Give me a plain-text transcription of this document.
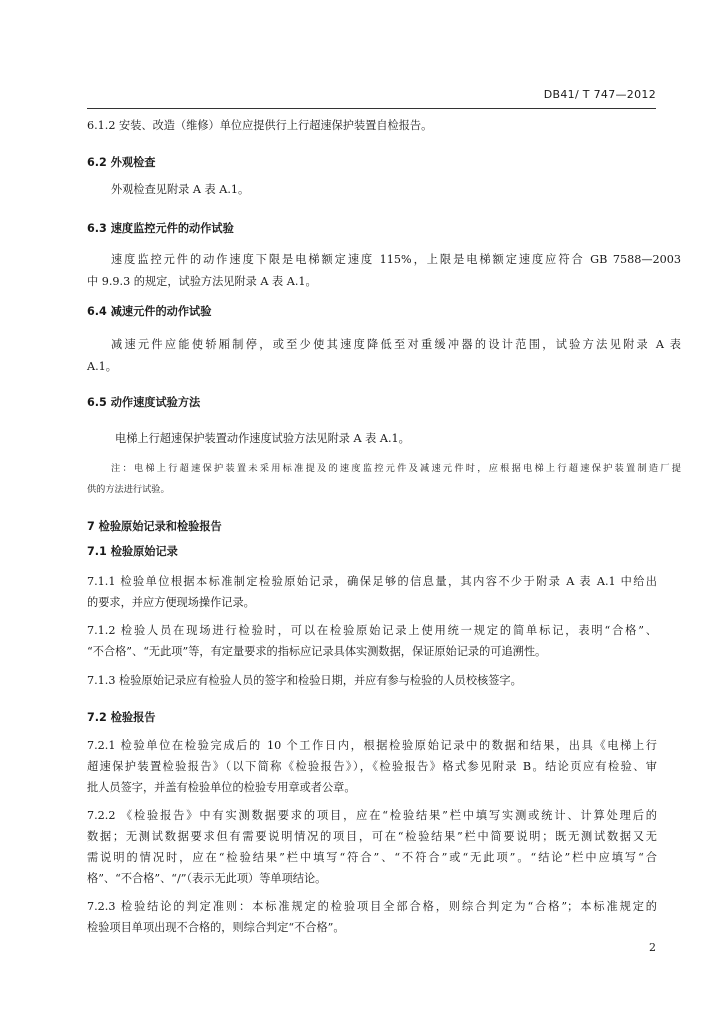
DB41/ T 747—2012
6.1.2 安装、改造（维修）单位应提供行上行超速保护装置自检报告。
6.2 外观检查
外观检查见附录 A 表 A.1。
6.3 速度监控元件的动作试验
速度监控元件的动作速度下限是电梯额定速度 115%，上限是电梯额定速度应符合 GB 7588—2003
中 9.9.3 的规定，试验方法见附录 A 表 A.1。
6.4 减速元件的动作试验
减速元件应能使轿厢制停，或至少使其速度降低至对重缓冲器的设计范围，试验方法见附录 A 表
A.1。
6.5 动作速度试验方法
电梯上行超速保护装置动作速度试验方法见附录 A 表 A.1。
注：电梯上行超速保护装置未采用标准提及的速度监控元件及减速元件时，应根据电梯上行超速保护装置制造厂提
供的方法进行试验。
7 检验原始记录和检验报告
7.1 检验原始记录
7.1.1 检验单位根据本标准制定检验原始记录，确保足够的信息量，其内容不少于附录 A 表 A.1 中给出
的要求，并应方便现场操作记录。
7.1.2 检验人员在现场进行检验时，可以在检验原始记录上使用统一规定的简单标记，表明“合格”、
“不合格”、“无此项”等，有定量要求的指标应记录具体实测数据，保证原始记录的可追溯性。
7.1.3 检验原始记录应有检验人员的签字和检验日期，并应有参与检验的人员校核签字。
7.2 检验报告
7.2.1 检验单位在检验完成后的 10 个工作日内，根据检验原始记录中的数据和结果，出具《电梯上行
超速保护装置检验报告》（以下简称《检验报告》），《检验报告》格式参见附录 B。结论页应有检验、审
批人员签字，并盖有检验单位的检验专用章或者公章。
7.2.2 《检验报告》中有实测数据要求的项目，应在“检验结果”栏中填写实测或统计、计算处理后的
数据；无测试数据要求但有需要说明情况的项目，可在“检验结果”栏中简要说明；既无测试数据又无
需说明的情况时，应在“检验结果”栏中填写“符合”、“不符合”或“无此项”。“结论”栏中应填写“合
格”、“不合格”、“/”（表示无此项）等单项结论。
7.2.3 检验结论的判定准则：本标准规定的检验项目全部合格，则综合判定为“合格”；本标准规定的
检验项目单项出现不合格的，则综合判定“不合格”。
2
